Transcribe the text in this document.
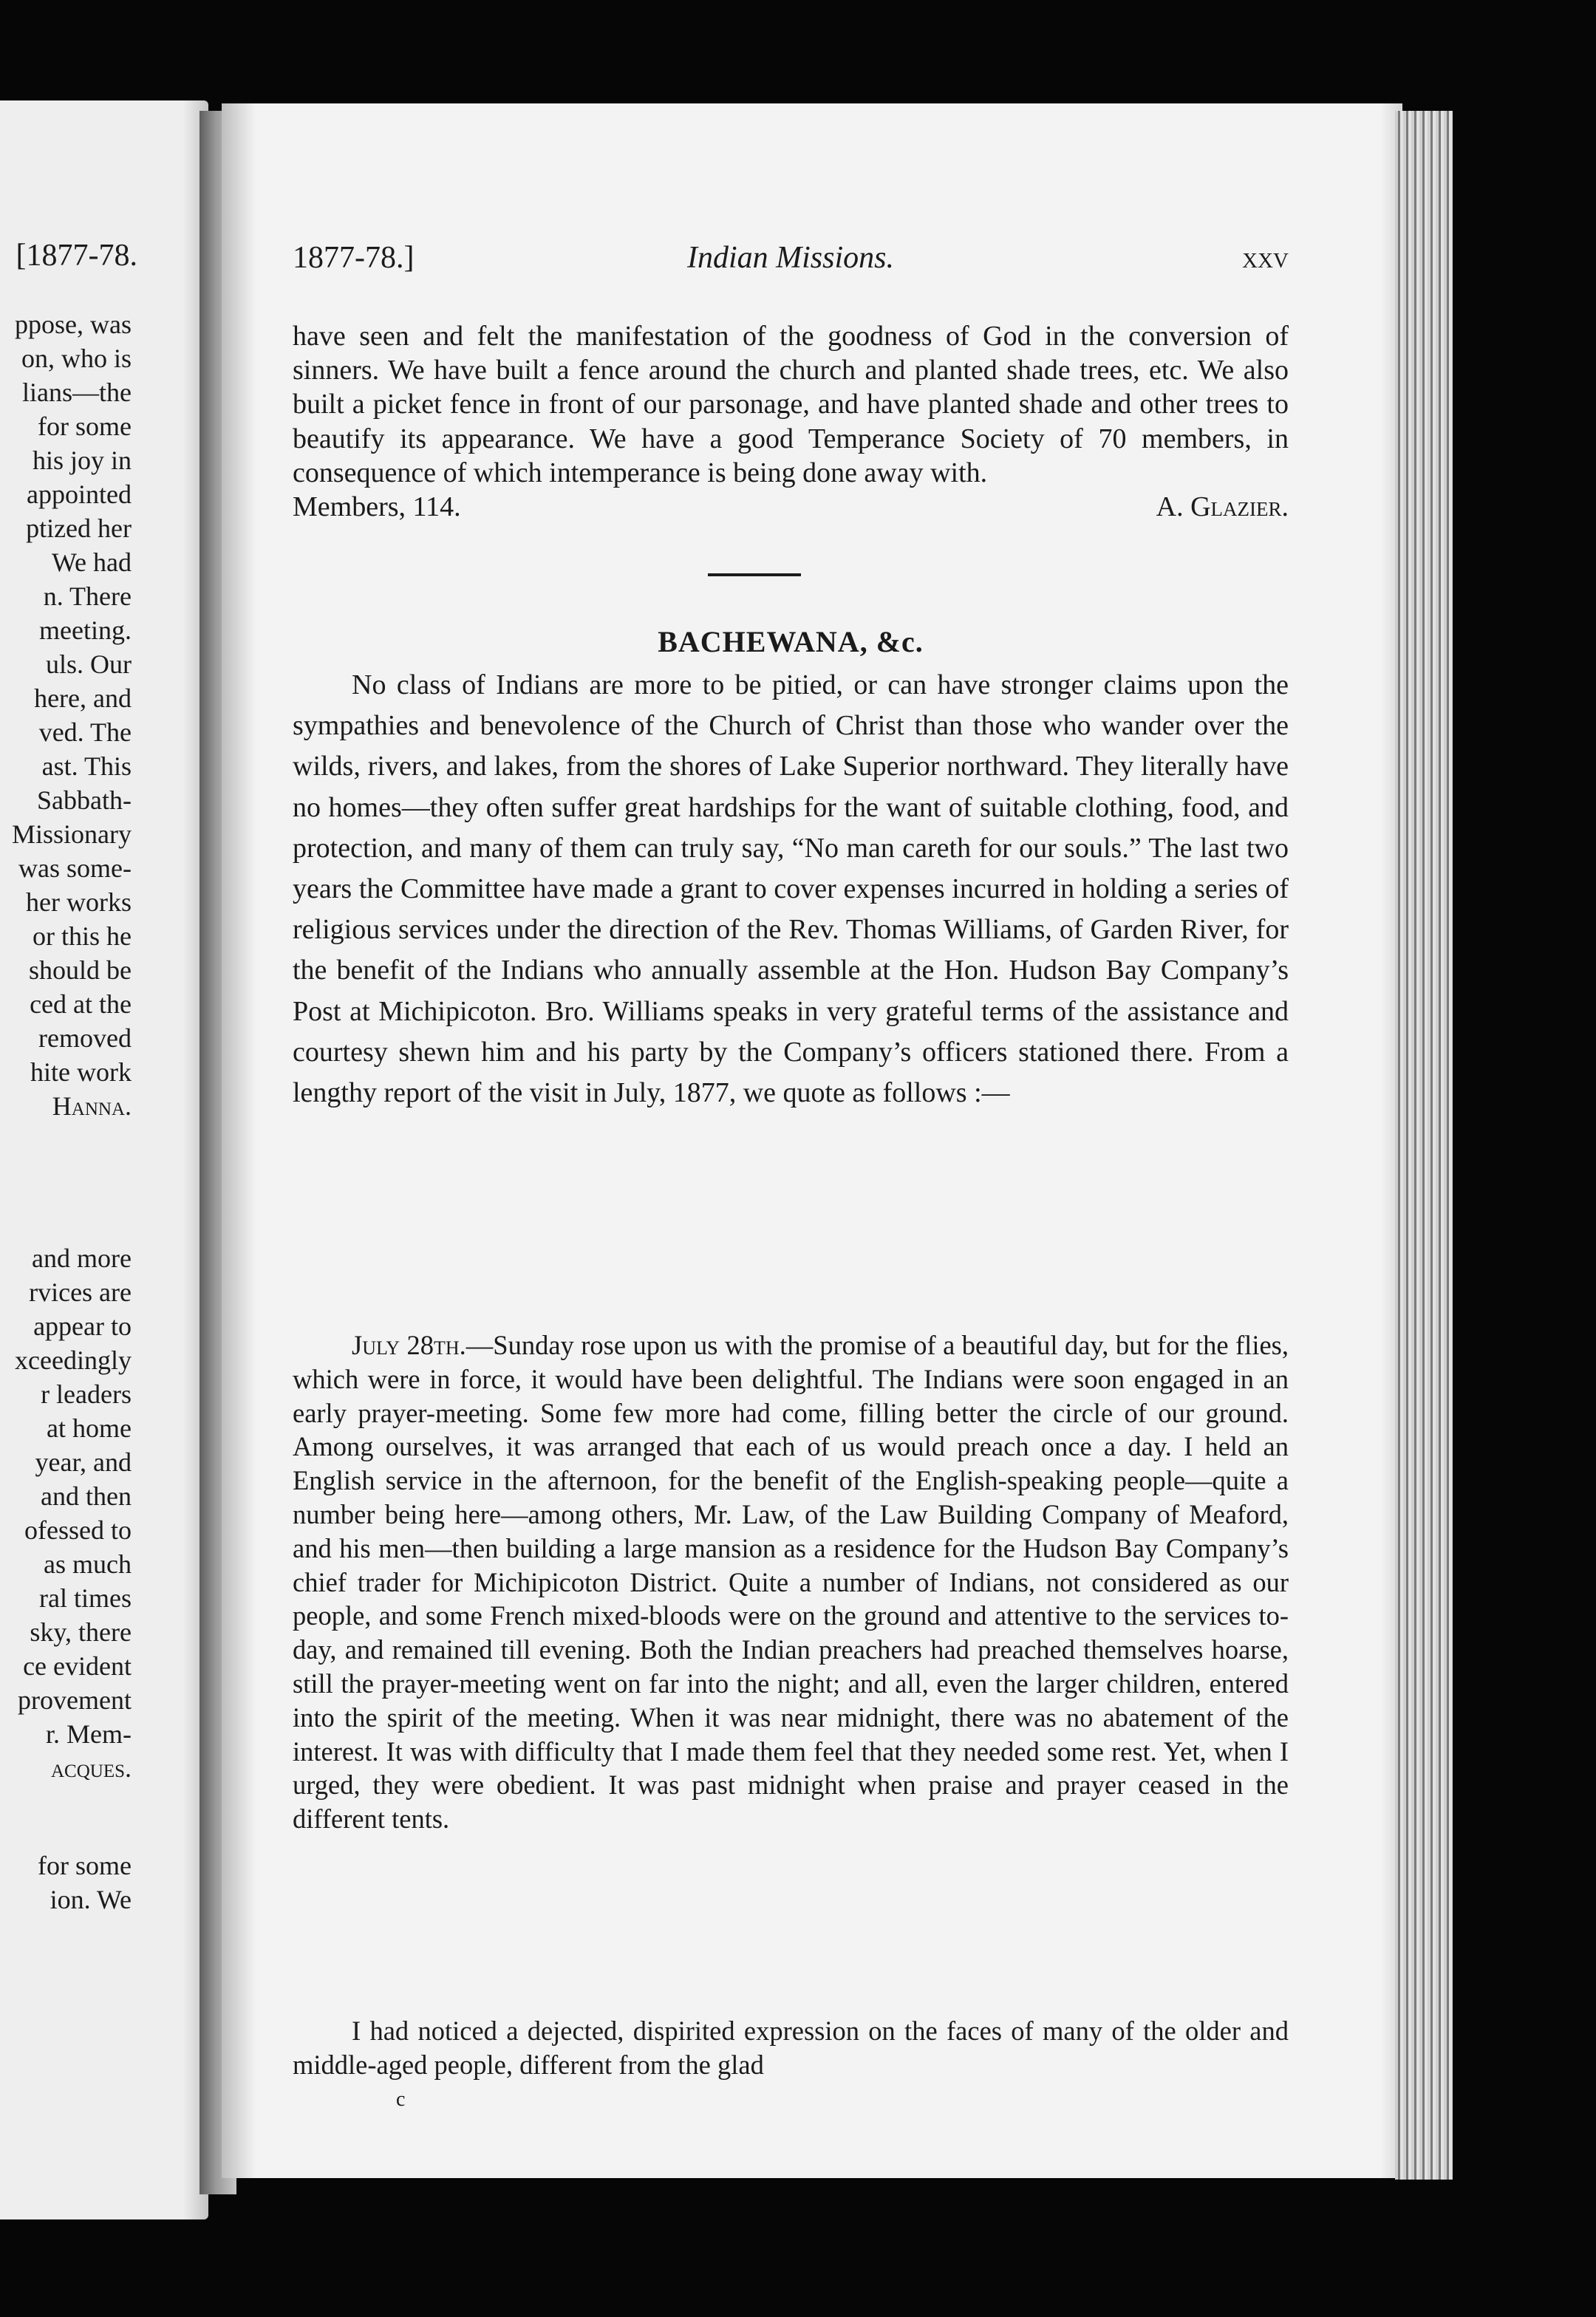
[1877-78.
ppose, was
on, who is
lians—the
for some
his joy in
appointed
ptized her
We had
n. There
meeting.
uls. Our
here, and
ved. The
ast. This
Sabbath-
Missionary
was some-
her works
or this he
should be
ced at the
removed
hite work
Hanna.
and more
rvices are
appear to
xceedingly
r leaders
at home
year, and
and then
ofessed to
as much
ral times
sky, there
ce evident
provement
r. Mem-
acques.
for some
ion. We
1877-78.]	Indian Missions.	xxv

have seen and felt the manifestation of the goodness of God in the conversion of sinners. We have built a fence around the church and planted shade trees, etc. We also built a picket fence in front of our parsonage, and have planted shade and other trees to beautify its appearance. We have a good Temperance Society of 70 members, in consequence of which intemperance is being done away with.
Members, 114.	A. Glazier.

BACHEWANA, &c.

No class of Indians are more to be pitied, or can have stronger claims upon the sympathies and benevolence of the Church of Christ than those who wander over the wilds, rivers, and lakes, from the shores of Lake Superior northward. They literally have no homes—they often suffer great hardships for the want of suitable clothing, food, and protection, and many of them can truly say, “No man careth for our souls.” The last two years the Committee have made a grant to cover expenses incurred in holding a series of religious services under the direction of the Rev. Thomas Williams, of Garden River, for the benefit of the Indians who annually assemble at the Hon. Hudson Bay Company’s Post at Michipicoton. Bro. Williams speaks in very grateful terms of the assistance and courtesy shewn him and his party by the Company’s officers stationed there. From a lengthy report of the visit in July, 1877, we quote as follows :—

July 28th.—Sunday rose upon us with the promise of a beautiful day, but for the flies, which were in force, it would have been delightful. The Indians were soon engaged in an early prayer-meeting. Some few more had come, filling better the circle of our ground. Among ourselves, it was arranged that each of us would preach once a day. I held an English service in the afternoon, for the benefit of the English-speaking people—quite a number being here—among others, Mr. Law, of the Law Building Company of Meaford, and his men—then building a large mansion as a residence for the Hudson Bay Company’s chief trader for Michipicoton District. Quite a number of Indians, not considered as our people, and some French mixed-bloods were on the ground and attentive to the services to-day, and remained till evening. Both the Indian preachers had preached themselves hoarse, still the prayer-meeting went on far into the night; and all, even the larger children, entered into the spirit of the meeting. When it was near midnight, there was no abatement of the interest. It was with difficulty that I made them feel that they needed some rest. Yet, when I urged, they were obedient. It was past midnight when praise and prayer ceased in the different tents.

I had noticed a dejected, dispirited expression on the faces of many of the older and middle-aged people, different from the glad

c
